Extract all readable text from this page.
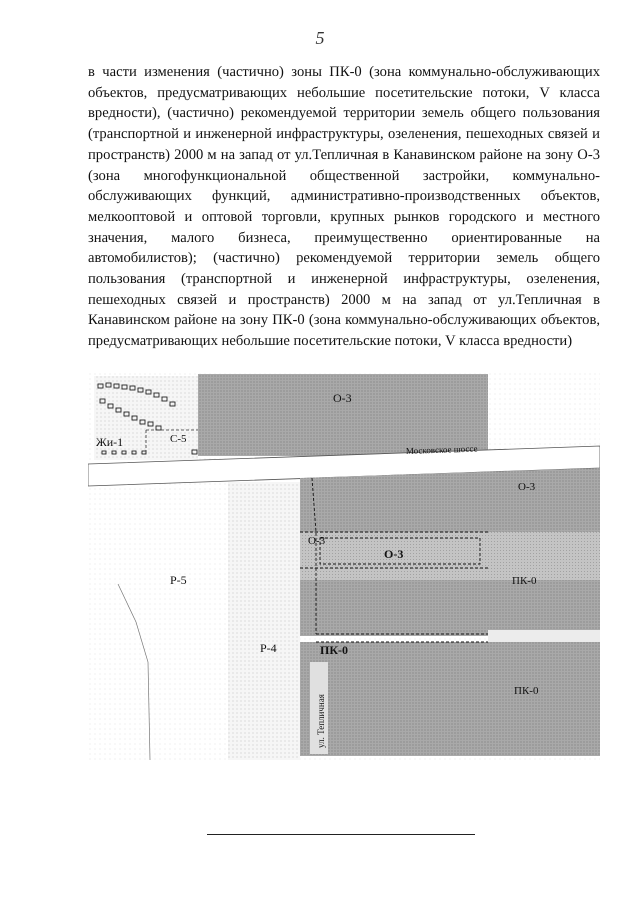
5

в части изменения (частично) зоны ПК-0 (зона коммунально-обслуживающих объектов, предусматривающих небольшие посетительские потоки, V класса вредности), (частично) рекомендуемой территории земель общего пользования (транспортной и инженерной инфраструктуры, озеленения, пешеходных связей и пространств) 2000 м на запад от ул.Тепличная в Канавинском районе на зону О-3 (зона многофункциональной общественной застройки, коммунально-обслуживающих функций, административно-производственных объектов, мелкооптовой и оптовой торговли, крупных рынков городского и местного значения, малого бизнеса, преимущественно ориентированные на автомобилистов); (частично) рекомендуемой территории земель общего пользования (транспортной и инженерной инфраструктуры, озеленения, пешеходных связей и пространств) 2000 м на запад от ул.Тепличная в Канавинском районе на зону ПК-0 (зона коммунально-обслуживающих объектов, предусматривающих небольшие посетительские потоки, V класса вредности)

О-3
Жи-1	С-5
Московское шоссе
О-3
О-3
О-3
Р-5	ПК-0
Р-4	ПК-0
ПК-0
ул. Тепличная
